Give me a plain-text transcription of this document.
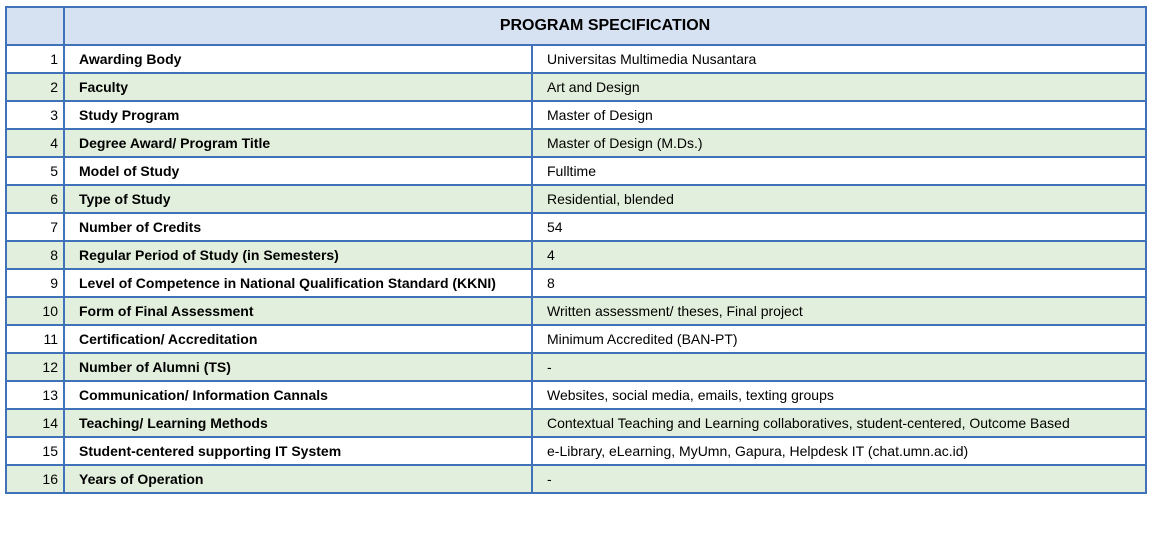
	PROGRAM SPECIFICATION	
1	Awarding Body	Universitas Multimedia Nusantara
2	Faculty	Art and Design
3	Study Program	Master of Design
4	Degree Award/ Program Title	Master of Design (M.Ds.)
5	Model of Study	Fulltime
6	Type of Study	Residential, blended
7	Number of Credits	54
8	Regular Period of Study (in Semesters)	4
9	Level of Competence in National Qualification Standard (KKNI)	8
10	Form of Final Assessment	Written assessment/ theses, Final project
11	Certification/ Accreditation	Minimum Accredited (BAN-PT)
12	Number of Alumni (TS)	-
13	Communication/ Information Cannals	Websites, social media, emails, texting groups
14	Teaching/ Learning Methods	Contextual Teaching and Learning collaboratives, student-centered, Outcome Based
15	Student-centered supporting IT System	e-Library, eLearning, MyUmn, Gapura, Helpdesk IT (chat.umn.ac.id)
16	Years of Operation	-
